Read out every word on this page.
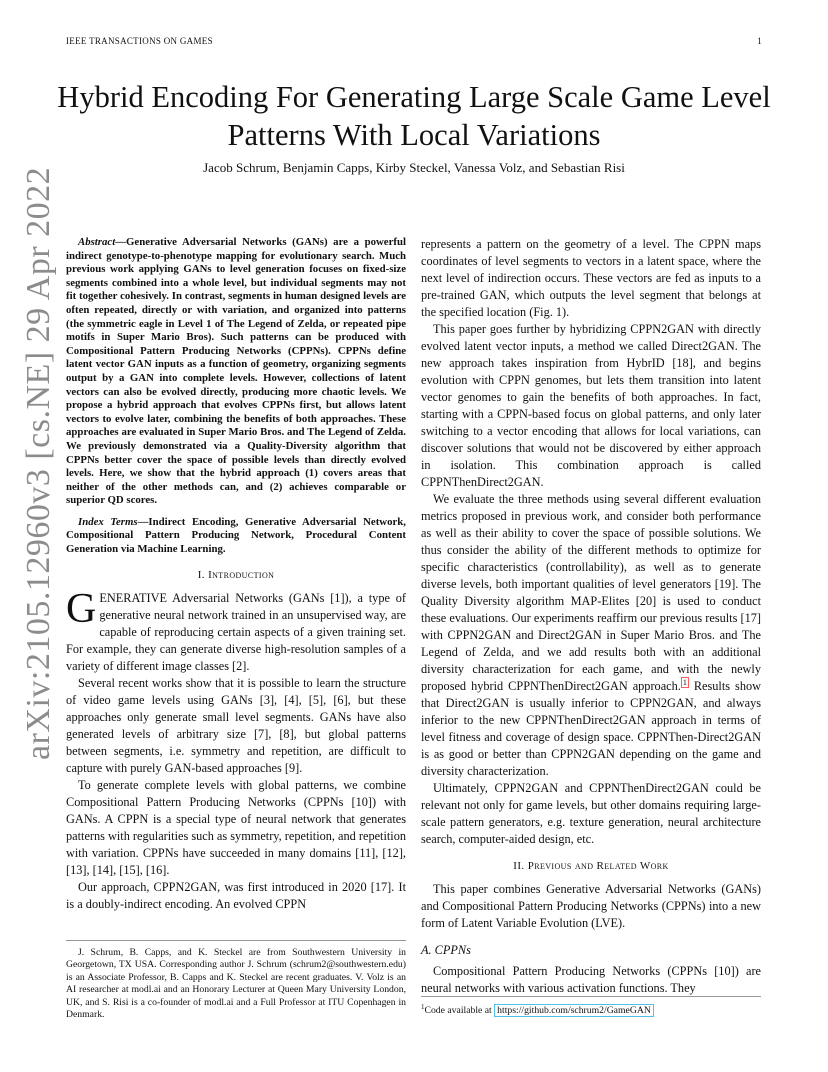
IEEE TRANSACTIONS ON GAMES	1
arXiv:2105.12960v3 [cs.NE] 29 Apr 2022
Hybrid Encoding For Generating Large Scale Game Level Patterns With Local Variations
Jacob Schrum, Benjamin Capps, Kirby Steckel, Vanessa Volz, and Sebastian Risi

Abstract—Generative Adversarial Networks (GANs) are a powerful indirect genotype-to-phenotype mapping for evolutionary search. Much previous work applying GANs to level generation focuses on fixed-size segments combined into a whole level, but individual segments may not fit together cohesively. In contrast, segments in human designed levels are often repeated, directly or with variation, and organized into patterns (the symmetric eagle in Level 1 of The Legend of Zelda, or repeated pipe motifs in Super Mario Bros). Such patterns can be produced with Compositional Pattern Producing Networks (CPPNs). CPPNs define latent vector GAN inputs as a function of geometry, organizing segments output by a GAN into complete levels. However, collections of latent vectors can also be evolved directly, producing more chaotic levels. We propose a hybrid approach that evolves CPPNs first, but allows latent vectors to evolve later, combining the benefits of both approaches. These approaches are evaluated in Super Mario Bros. and The Legend of Zelda. We previously demonstrated via a Quality-Diversity algorithm that CPPNs better cover the space of possible levels than directly evolved levels. Here, we show that the hybrid approach (1) covers areas that neither of the other methods can, and (2) achieves comparable or superior QD scores.

Index Terms—Indirect Encoding, Generative Adversarial Network, Compositional Pattern Producing Network, Procedural Content Generation via Machine Learning.

I. Introduction

GENERATIVE Adversarial Networks (GANs [1]), a type of generative neural network trained in an unsupervised way, are capable of reproducing certain aspects of a given training set. For example, they can generate diverse high-resolution samples of a variety of different image classes [2].

Several recent works show that it is possible to learn the structure of video game levels using GANs [3], [4], [5], [6], but these approaches only generate small level segments. GANs have also generated levels of arbitrary size [7], [8], but global patterns between segments, i.e. symmetry and repetition, are difficult to capture with purely GAN-based approaches [9].

To generate complete levels with global patterns, we combine Compositional Pattern Producing Networks (CPPNs [10]) with GANs. A CPPN is a special type of neural network that generates patterns with regularities such as symmetry, repetition, and repetition with variation. CPPNs have succeeded in many domains [11], [12], [13], [14], [15], [16].

Our approach, CPPN2GAN, was first introduced in 2020 [17]. It is a doubly-indirect encoding. An evolved CPPN

represents a pattern on the geometry of a level. The CPPN maps coordinates of level segments to vectors in a latent space, where the next level of indirection occurs. These vectors are fed as inputs to a pre-trained GAN, which outputs the level segment that belongs at the specified location (Fig. 1).

This paper goes further by hybridizing CPPN2GAN with directly evolved latent vector inputs, a method we called Direct2GAN. The new approach takes inspiration from HybrID [18], and begins evolution with CPPN genomes, but lets them transition into latent vector genomes to gain the benefits of both approaches. In fact, starting with a CPPN-based focus on global patterns, and only later switching to a vector encoding that allows for local variations, can discover solutions that would not be discovered by either approach in isolation. This combination approach is called CPPNThenDirect2GAN.

We evaluate the three methods using several different evaluation metrics proposed in previous work, and consider both performance as well as their ability to cover the space of possible solutions. We thus consider the ability of the different methods to optimize for specific characteristics (controllability), as well as to generate diverse levels, both important qualities of level generators [19]. The Quality Diversity algorithm MAP-Elites [20] is used to conduct these evaluations. Our experiments reaffirm our previous results [17] with CPPN2GAN and Direct2GAN in Super Mario Bros. and The Legend of Zelda, and we add results both with an additional diversity characterization for each game, and with the newly proposed hybrid CPPNThenDirect2GAN approach. $^1$ Results show that Direct2GAN is usually inferior to CPPN2GAN, and always inferior to the new CPPNThenDirect2GAN approach in terms of level fitness and coverage of design space. CPPNThen-Direct2GAN is as good or better than CPPN2GAN depending on the game and diversity characterization.

Ultimately, CPPN2GAN and CPPNThenDirect2GAN could be relevant not only for game levels, but other domains requiring large-scale pattern generators, e.g. texture generation, neural architecture search, computer-aided design, etc.

II. Previous and Related Work

This paper combines Generative Adversarial Networks (GANs) and Compositional Pattern Producing Networks (CPPNs) into a new form of Latent Variable Evolution (LVE).

A. CPPNs

Compositional Pattern Producing Networks (CPPNs [10]) are neural networks with various activation functions. They

J. Schrum, B. Capps, and K. Steckel are from Southwestern University in Georgetown, TX USA. Corresponding author J. Schrum (schrum2@southwestern.edu) is an Associate Professor, B. Capps and K. Steckel are recent graduates. V. Volz is an AI researcher at modl.ai and an Honorary Lecturer at Queen Mary University London, UK, and S. Risi is a co-founder of modl.ai and a Full Professor at ITU Copenhagen in Denmark.

$^1$Code available at https://github.com/schrum2/GameGAN
